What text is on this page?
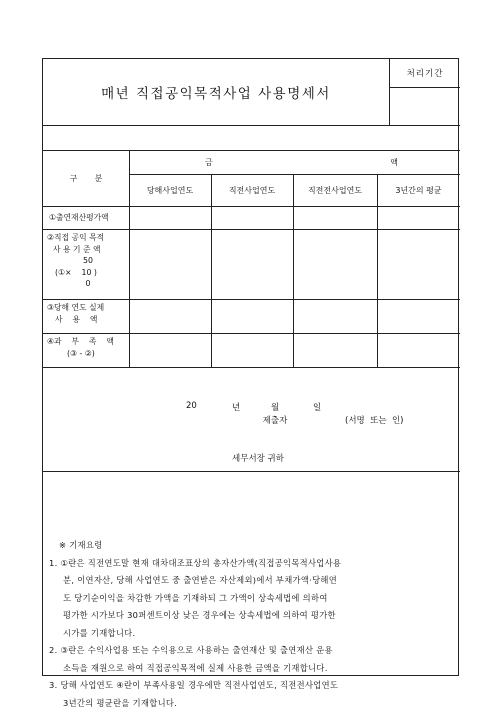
매년 직접공익목적사업 사용명세서
처리기간
구 분
금	액
당해사업연도	직전사업연도	직전전사업연도	3년간의 평균
①출연재산평가액
②직접 공익 목적
사 용 기 준 액
50
(①×    10 )
0
③당해 연도 실제
사    용    액
④과    부    족    액
(③ - ②)
20	년	월	일
제출자	(서명  또는  인)
세무서장 귀하

※ 기재요령

1. ①란은 직전연도말 현재 대차대조표상의 총자산가액(직접공익목적사업사용

분, 이연자산, 당해 사업연도 중 출연받은 자산제외)에서 부채가액·당해연

도 당기순이익을 차감한 가액을 기재하되 그 가액이 상속세법에 의하여

평가한 시가보다 30퍼센트이상 낮은 경우에는 상속세법에 의하여 평가한

시가를 기재합니다.

2. ③란은 수익사업용 또는 수익용으로 사용하는 출연재산 및 출연재산 운용

소득을 재원으로 하여 직접공익목적에 실제 사용한 금액을 기재합니다.

3. 당해 사업연도 ④란이 부족사용일 경우에만 직전사업연도, 직전전사업연도

3년간의 평균란을 기재합니다.
